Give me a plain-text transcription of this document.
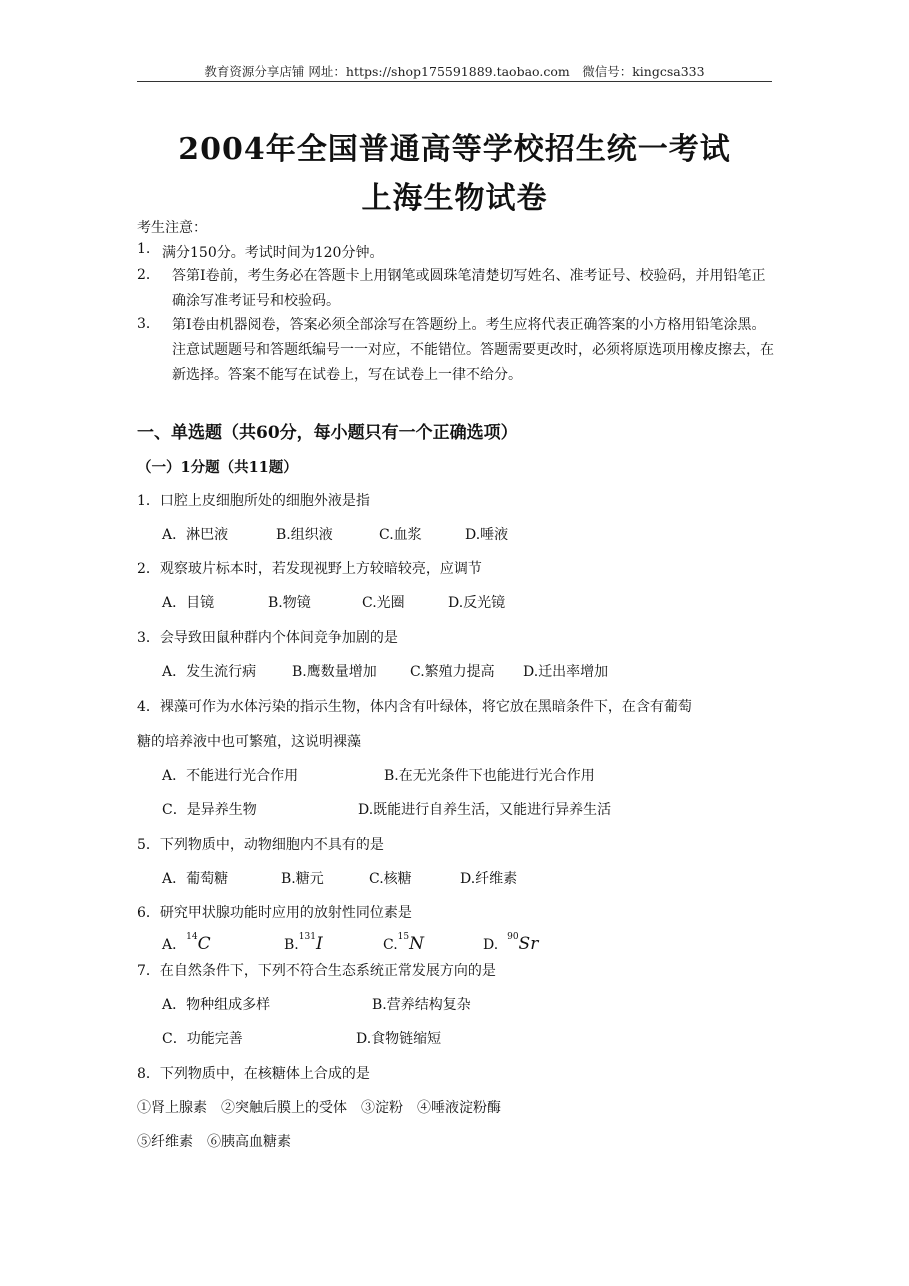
教育资源分享店铺 网址：https://shop175591889.taobao.com　微信号：kingcsa333
2004年全国普通高等学校招生统一考试
上海生物试卷
考生注意：
1. 满分150分。考试时间为120分钟。
2． 答第Ⅰ卷前，考生务必在答题卡上用钢笔或圆珠笔清楚切写姓名、准考证号、校验码，并用铅笔正确涂写准考证号和校验码。
3． 第Ⅰ卷由机器阅卷，答案必须全部涂写在答题纷上。考生应将代表正确答案的小方格用铅笔涂黑。注意试题题号和答题纸编号一一对应，不能错位。答题需要更改时，必须将原选项用橡皮擦去，在新选择。答案不能写在试卷上，写在试卷上一律不给分。
一、单选题（共60分，每小题只有一个正确选项）
（一）1分题（共11题）
1．口腔上皮细胞所处的细胞外液是指
A．淋巴液	B.组织液	C.血浆	D.唾液
2．观察玻片标本时，若发现视野上方较暗较亮，应调节
A．目镜	B.物镜	C.光圈	D.反光镜
3．会导致田鼠种群内个体间竞争加剧的是
A．发生流行病	B.鹰数量增加 C.繁殖力提高 D.迁出率增加
4．裸藻可作为水体污染的指示生物，体内含有叶绿体，将它放在黑暗条件下，在含有葡萄
糖的培养液中也可繁殖，这说明裸藻
A．不能进行光合作用	B.在无光条件下也能进行光合作用
C．是异养生物	D.既能进行自养生活，又能进行异养生活
5．下列物质中，动物细胞内不具有的是
A．葡萄糖	B.糖元	C.核糖	D.纤维素
6．研究甲状腺功能时应用的放射性同位素是
A．$^{14}$C	B.$^{131}$I	C.$^{15}$N	D. $^{90}$Sr
7．在自然条件下，下列不符合生态系统正常发展方向的是
A．物种组成多样	B.营养结构复杂
C．功能完善	D.食物链缩短
8．下列物质中，在核糖体上合成的是
①肾上腺素　②突触后膜上的受体　③淀粉　④唾液淀粉酶
⑤纤维素　⑥胰高血糖素
